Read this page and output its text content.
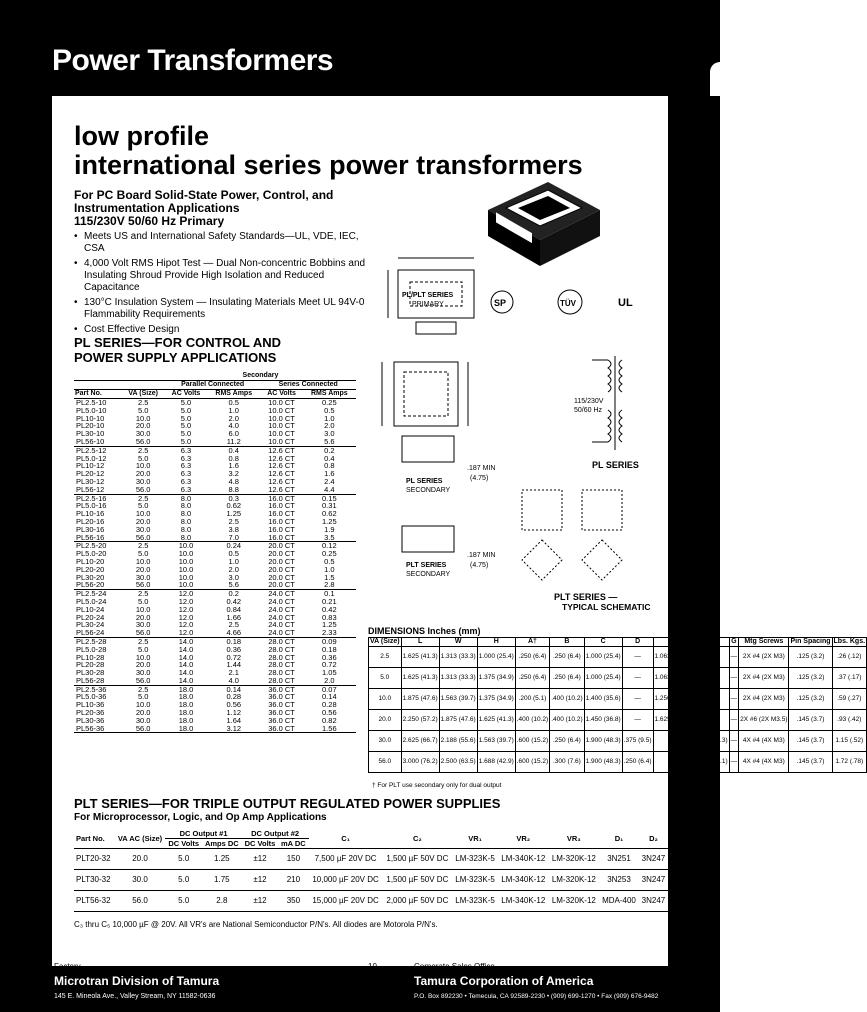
Power Transformers
low profile
international series power transformers
For PC Board Solid-State Power, Control, and
Instrumentation Applications
115/230V 50/60 Hz Primary
• Meets US and International Safety Standards—UL, VDE, IEC, CSA
• 4,000 Volt RMS Hipot Test — Dual Non-concentric Bobbins and Insulating Shroud Provide High Isolation and Reduced Capacitance
• 130°C Insulation System — Insulating Materials Meet UL 94V-0 Flammability Requirements
• Cost Effective Design
PL/PLT SERIES
PRIMARY	SP	TÜV	UL
PL SERIES—FOR CONTROL AND
POWER SUPPLY APPLICATIONS
		Secondary			
		Parallel Connected		Series Connected	
Part No.	VA (Size)	AC Volts	RMS Amps	AC Volts	RMS Amps
PL2.5-10	2.5	5.0	0.5	10.0 CT	0.25
PL5.0-10	5.0	5.0	1.0	10.0 CT	0.5
PL10-10	10.0	5.0	2.0	10.0 CT	1.0
PL20-10	20.0	5.0	4.0	10.0 CT	2.0
PL30-10	30.0	5.0	6.0	10.0 CT	3.0
PL56-10	56.0	5.0	11.2	10.0 CT	5.6
PL2.5-12	2.5	6.3	0.4	12.6 CT	0.2
PL5.0-12	5.0	6.3	0.8	12.6 CT	0.4
PL10-12	10.0	6.3	1.6	12.6 CT	0.8
PL20-12	20.0	6.3	3.2	12.6 CT	1.6
PL30-12	30.0	6.3	4.8	12.6 CT	2.4
PL56-12	56.0	6.3	8.8	12.6 CT	4.4
PL2.5-16	2.5	8.0	0.3	16.0 CT	0.15
PL5.0-16	5.0	8.0	0.62	16.0 CT	0.31
PL10-16	10.0	8.0	1.25	16.0 CT	0.62
PL20-16	20.0	8.0	2.5	16.0 CT	1.25
PL30-16	30.0	8.0	3.8	16.0 CT	1.9
PL56-16	56.0	8.0	7.0	16.0 CT	3.5
PL2.5-20	2.5	10.0	0.24	20.0 CT	0.12
PL5.0-20	5.0	10.0	0.5	20.0 CT	0.25
PL10-20	10.0	10.0	1.0	20.0 CT	0.5
PL20-20	20.0	10.0	2.0	20.0 CT	1.0
PL30-20	30.0	10.0	3.0	20.0 CT	1.5
PL56-20	56.0	10.0	5.6	20.0 CT	2.8
PL2.5-24	2.5	12.0	0.2	24.0 CT	0.1
PL5.0-24	5.0	12.0	0.42	24.0 CT	0.21
PL10-24	10.0	12.0	0.84	24.0 CT	0.42
PL20-24	20.0	12.0	1.66	24.0 CT	0.83
PL30-24	30.0	12.0	2.5	24.0 CT	1.25
PL56-24	56.0	12.0	4.66	24.0 CT	2.33
PL2.5-28	2.5	14.0	0.18	28.0 CT	0.09
PL5.0-28	5.0	14.0	0.36	28.0 CT	0.18
PL10-28	10.0	14.0	0.72	28.0 CT	0.36
PL20-28	20.0	14.0	1.44	28.0 CT	0.72
PL30-28	30.0	14.0	2.1	28.0 CT	1.05
PL56-28	56.0	14.0	4.0	28.0 CT	2.0
PL2.5-36	2.5	18.0	0.14	36.0 CT	0.07
PL5.0-36	5.0	18.0	0.28	36.0 CT	0.14
PL10-36	10.0	18.0	0.56	36.0 CT	0.28
PL20-36	20.0	18.0	1.12	36.0 CT	0.56
PL30-36	30.0	18.0	1.64	36.0 CT	0.82
PL56-36	56.0	18.0	3.12	36.0 CT	1.56
PL SERIES
SECONDARY
.187 MIN
(4.75)
PLT SERIES
SECONDARY
.187 MIN
(4.75)
115/230V
50/60 Hz
PL SERIES
PLT SERIES —
TYPICAL SCHEMATIC
DIMENSIONS Inches (mm)
VA (Size)	L	W	H	A†	B	C	D	E	F	G	Mtg Screws	Pin Spacing	Lbs. Kgs.
2.5	1.625 (41.3)	1.313 (33.3)	1.000 (25.4)	.250 (6.4)	.250 (6.4)	1.000 (25.4)	—	1.063 (27.0)	—	—	2X #4 (2X M3)	.125 (3.2)	.26 (.12)
5.0	1.625 (41.3)	1.313 (33.3)	1.375 (34.9)	.250 (6.4)	.250 (6.4)	1.000 (25.4)	—	1.063 (27.0)	—	—	2X #4 (2X M3)	.125 (3.2)	.37 (.17)
10.0	1.875 (47.6)	1.563 (39.7)	1.375 (34.9)	.200 (5.1)	.400 (10.2)	1.400 (35.6)	—	1.250 (31.8)	—	—	2X #4 (2X M3)	.125 (3.2)	.59 (.27)
20.0	2.250 (57.2)	1.875 (47.6)	1.625 (41.3)	.400 (10.2)	.400 (10.2)	1.450 (36.8)	—	1.625 (41.3)	—	—	2X #6 (2X M3.5)	.145 (3.7)	.93 (.42)
30.0	2.625 (66.7)	2.188 (55.6)	1.563 (39.7)	.600 (15.2)	.250 (6.4)	1.900 (48.3)	.375 (9.5)	—	1.900 (48.3)	—	4X #4 (4X M3)	.145 (3.7)	1.15 (.52)
56.0	3.000 (76.2)	2.500 (63.5)	1.688 (42.9)	.600 (15.2)	.300 (7.6)	1.900 (48.3)	.250 (6.4)	—	2.050 (52.1)	—	4X #4 (4X M3)	.145 (3.7)	1.72 (.78)
† For PLT use secondary only for dual output
PLT SERIES—FOR TRIPLE OUTPUT REGULATED POWER SUPPLIES
For Microprocessor, Logic, and Op Amp Applications
Part No.	VA AC (Size)	DC Output #1		DC Output #2		C₁	C₂	VR₁	VR₂	VR₃	D₁	D₂
		DC Volts	Amps DC	DC Volts	mA DC							
PLT20-32	20.0	5.0	1.25	±12	150	7,500 µF 20V DC	1,500 µF 50V DC	LM-323K-5	LM-340K-12	LM-320K-12	3N251	3N247
PLT30-32	30.0	5.0	1.75	±12	210	10,000 µF 20V DC	1,500 µF 50V DC	LM-323K-5	LM-340K-12	LM-320K-12	3N253	3N247
PLT56-32	56.0	5.0	2.8	±12	350	15,000 µF 20V DC	2,000 µF 50V DC	LM-323K-5	LM-340K-12	LM-320K-12	MDA-400	3N247
C₃ thru C₅ 10,000 µF @ 20V. All VR's are National Semiconductor P/N's. All diodes are Motorola P/N's.
Factory
Microtran Division of Tamura
145 E. Mineola Ave., Valley Stream, NY 11582-0636
10	Corporate Sales Office
Tamura Corporation of America
P.O. Box 892230 • Temecula, CA 92589-2230 • (909) 699-1270 • Fax (909) 676-9482
